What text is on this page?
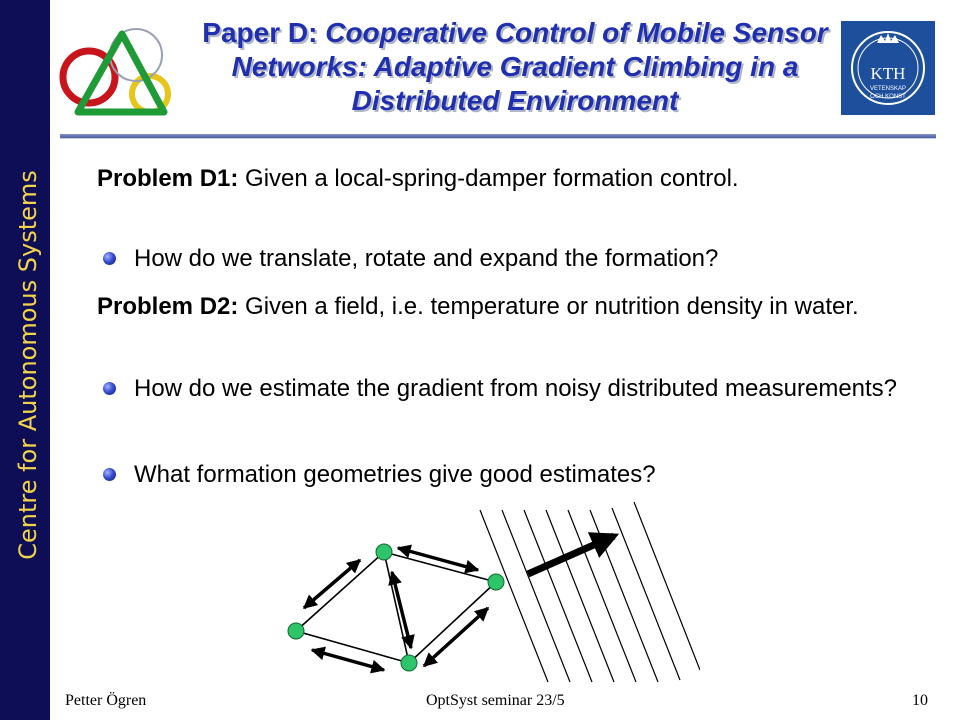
Centre for Autonomous Systems
Paper D: Cooperative Control of Mobile Sensor Networks: Adaptive Gradient Climbing in a Distributed Environment
KTH
VETENSKAP
OCH KONST
Problem D1: Given a local-spring-damper formation control.
How do we translate, rotate and expand the formation?
Problem D2: Given a field, i.e. temperature or nutrition density in water.
How do we estimate the gradient from noisy distributed measurements?
What formation geometries give good estimates?
Petter Ögren	OptSyst seminar 23/5	10
